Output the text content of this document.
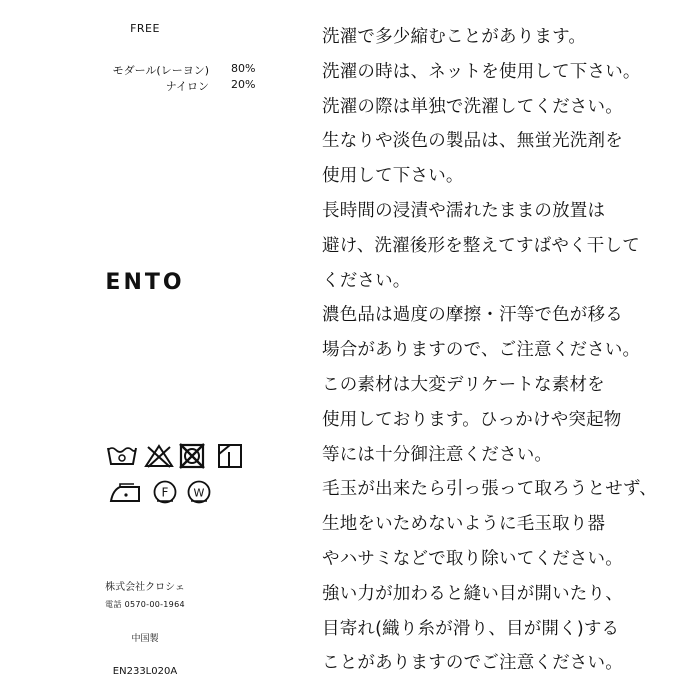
FREE
モダール(レーヨン)	80%
ナイロン	20%
ENTO
F W
株式会社クロシェ
電話 0570-00-1964
中国製
EN233L020A
洗濯で多少縮むことがあります。
洗濯の時は、ネットを使用して下さい。
洗濯の際は単独で洗濯してください。
生なりや淡色の製品は、無蛍光洗剤を
使用して下さい。
長時間の浸漬や濡れたままの放置は
避け、洗濯後形を整えてすばやく干して
ください。
濃色品は過度の摩擦・汗等で色が移る
場合がありますので、ご注意ください。
この素材は大変デリケートな素材を
使用しております。ひっかけや突起物
等には十分御注意ください。
毛玉が出来たら引っ張って取ろうとせず、
生地をいためないように毛玉取り器
やハサミなどで取り除いてください。
強い力が加わると縫い目が開いたり、
目寄れ(織り糸が滑り、目が開く)する
ことがありますのでご注意ください。
